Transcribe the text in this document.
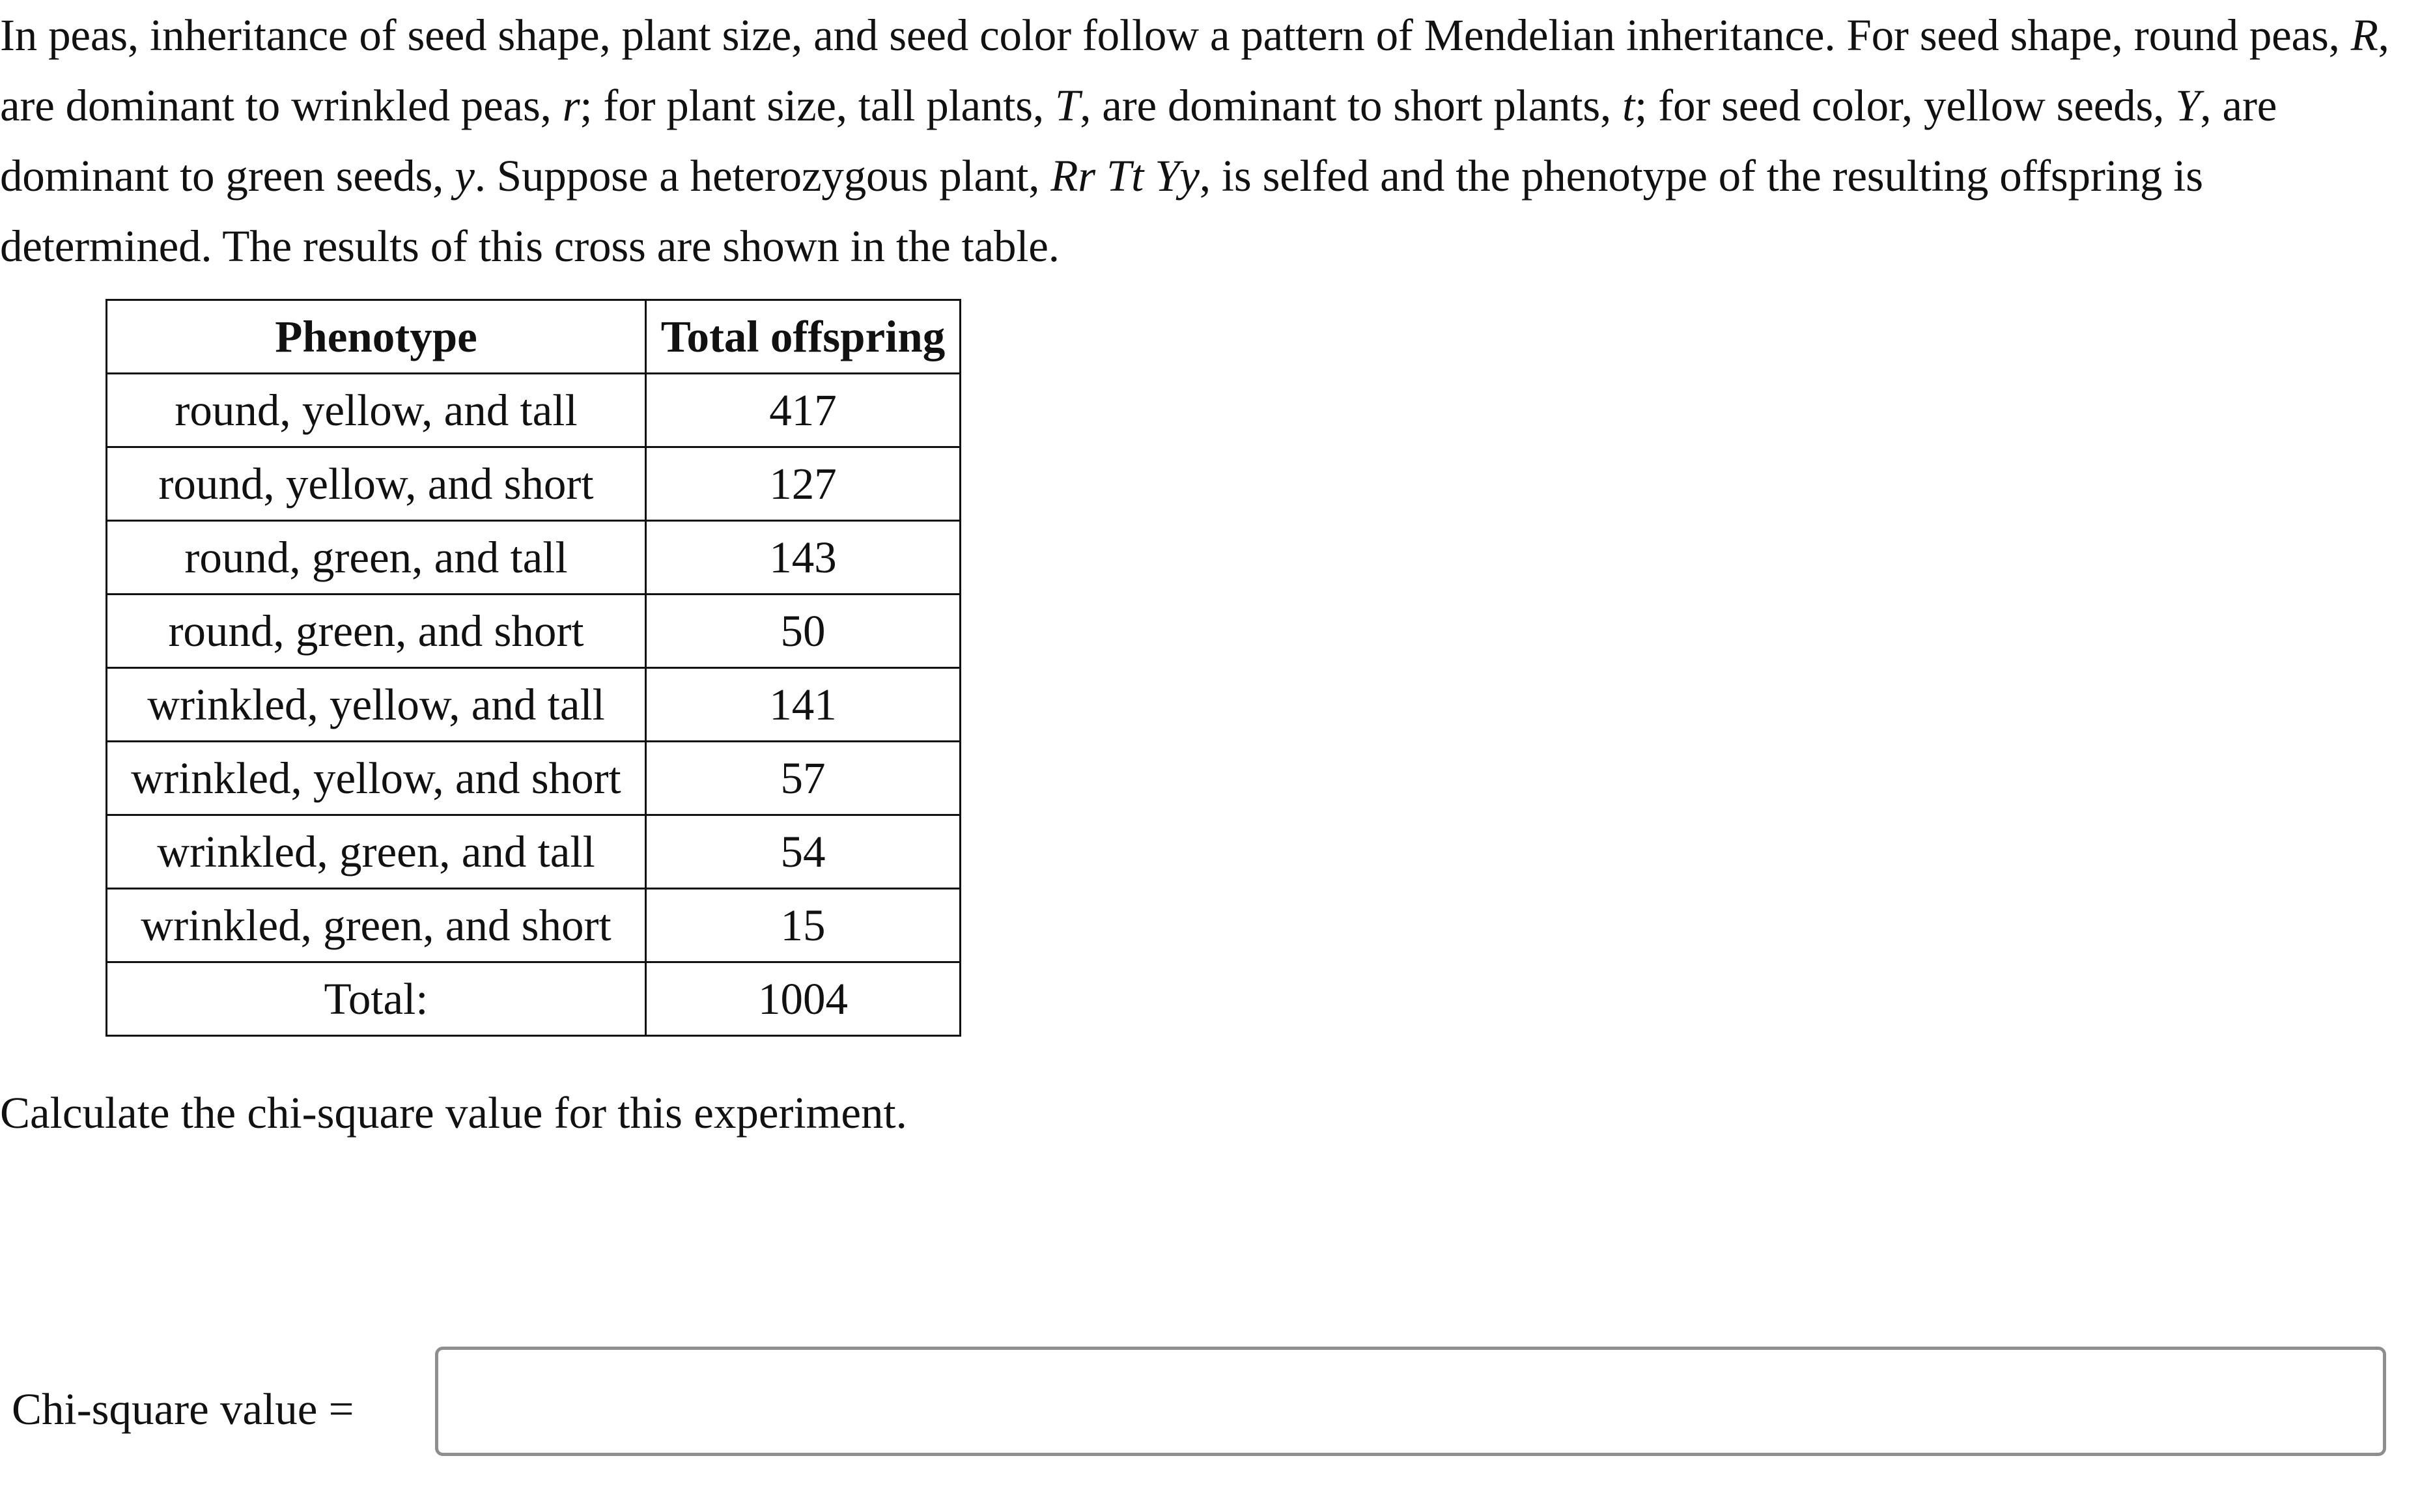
In peas, inheritance of seed shape, plant size, and seed color follow a pattern of Mendelian inheritance. For seed shape, round peas, R, are dominant to wrinkled peas, r; for plant size, tall plants, T, are dominant to short plants, t; for seed color, yellow seeds, Y, are dominant to green seeds, y. Suppose a heterozygous plant, Rr Tt Yy, is selfed and the phenotype of the resulting offspring is determined. The results of this cross are shown in the table.

Phenotype	Total offspring
round, yellow, and tall	417
round, yellow, and short	127
round, green, and tall	143
round, green, and short	50
wrinkled, yellow, and tall	141
wrinkled, yellow, and short	57
wrinkled, green, and tall	54
wrinkled, green, and short	15
Total:	1004

Calculate the chi-square value for this experiment.

Chi-square value =
